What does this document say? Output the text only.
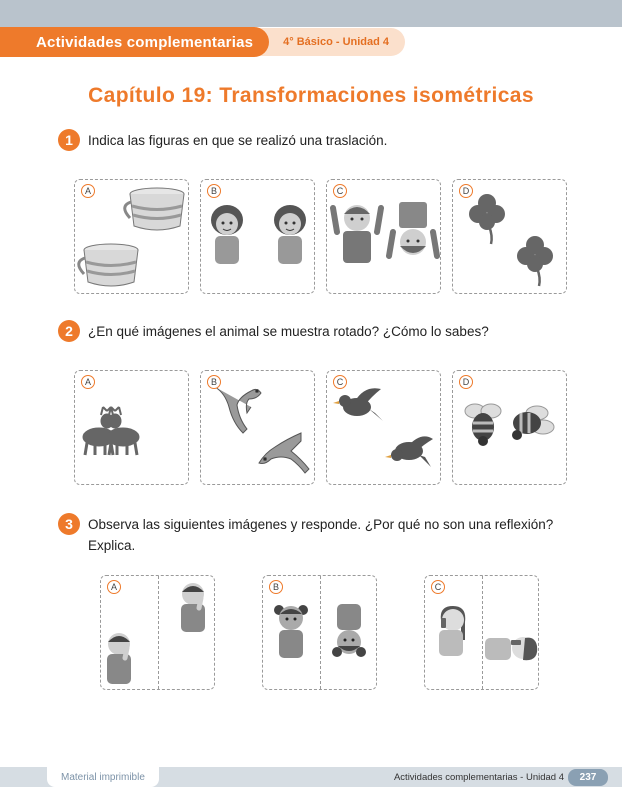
Actividades complementarias	4° Básico - Unidad 4
Capítulo 19: Transformaciones isométricas
1	Indica las figuras en que se realizó una traslación.
A	B	C	D
2	¿En qué imágenes el animal se muestra rotado? ¿Cómo lo sabes?
A	B	C	D
3	Observa las siguientes imágenes y responde. ¿Por qué no son una reflexión? Explica.
A	B	C
Material imprimible	Actividades complementarias - Unidad 4	237
